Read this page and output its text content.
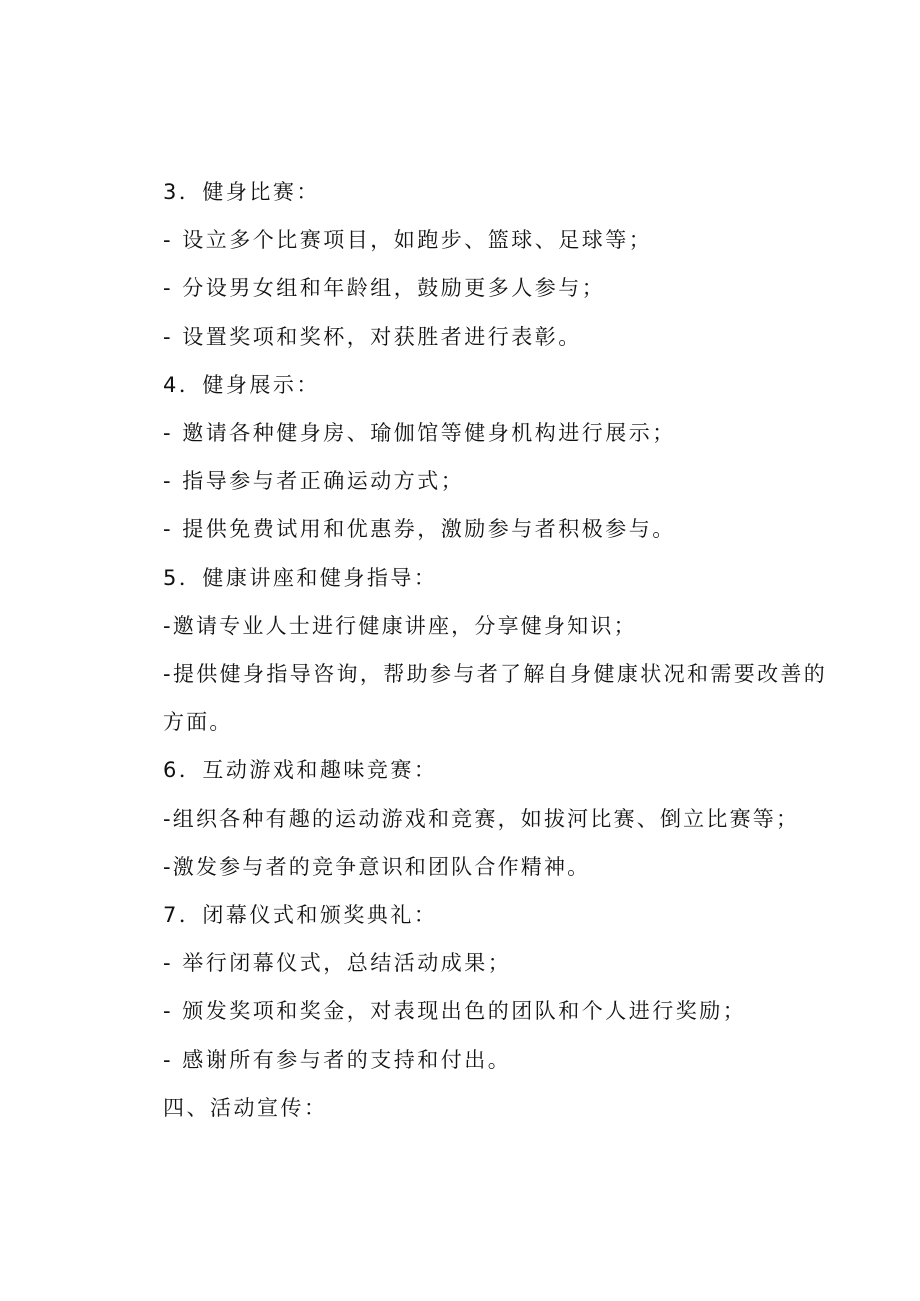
3．健身比赛：

- 设立多个比赛项目，如跑步、篮球、足球等；

- 分设男女组和年龄组，鼓励更多人参与；

- 设置奖项和奖杯，对获胜者进行表彰。

4．健身展示：

- 邀请各种健身房、瑜伽馆等健身机构进行展示；

- 指导参与者正确运动方式；

- 提供免费试用和优惠券，激励参与者积极参与。

5．健康讲座和健身指导：

-邀请专业人士进行健康讲座，分享健身知识；

-提供健身指导咨询，帮助参与者了解自身健康状况和需要改善的方面。

6．互动游戏和趣味竞赛：

-组织各种有趣的运动游戏和竞赛，如拔河比赛、倒立比赛等；

-激发参与者的竞争意识和团队合作精神。

7．闭幕仪式和颁奖典礼：

- 举行闭幕仪式，总结活动成果；

- 颁发奖项和奖金，对表现出色的团队和个人进行奖励；

- 感谢所有参与者的支持和付出。

四、活动宣传：
